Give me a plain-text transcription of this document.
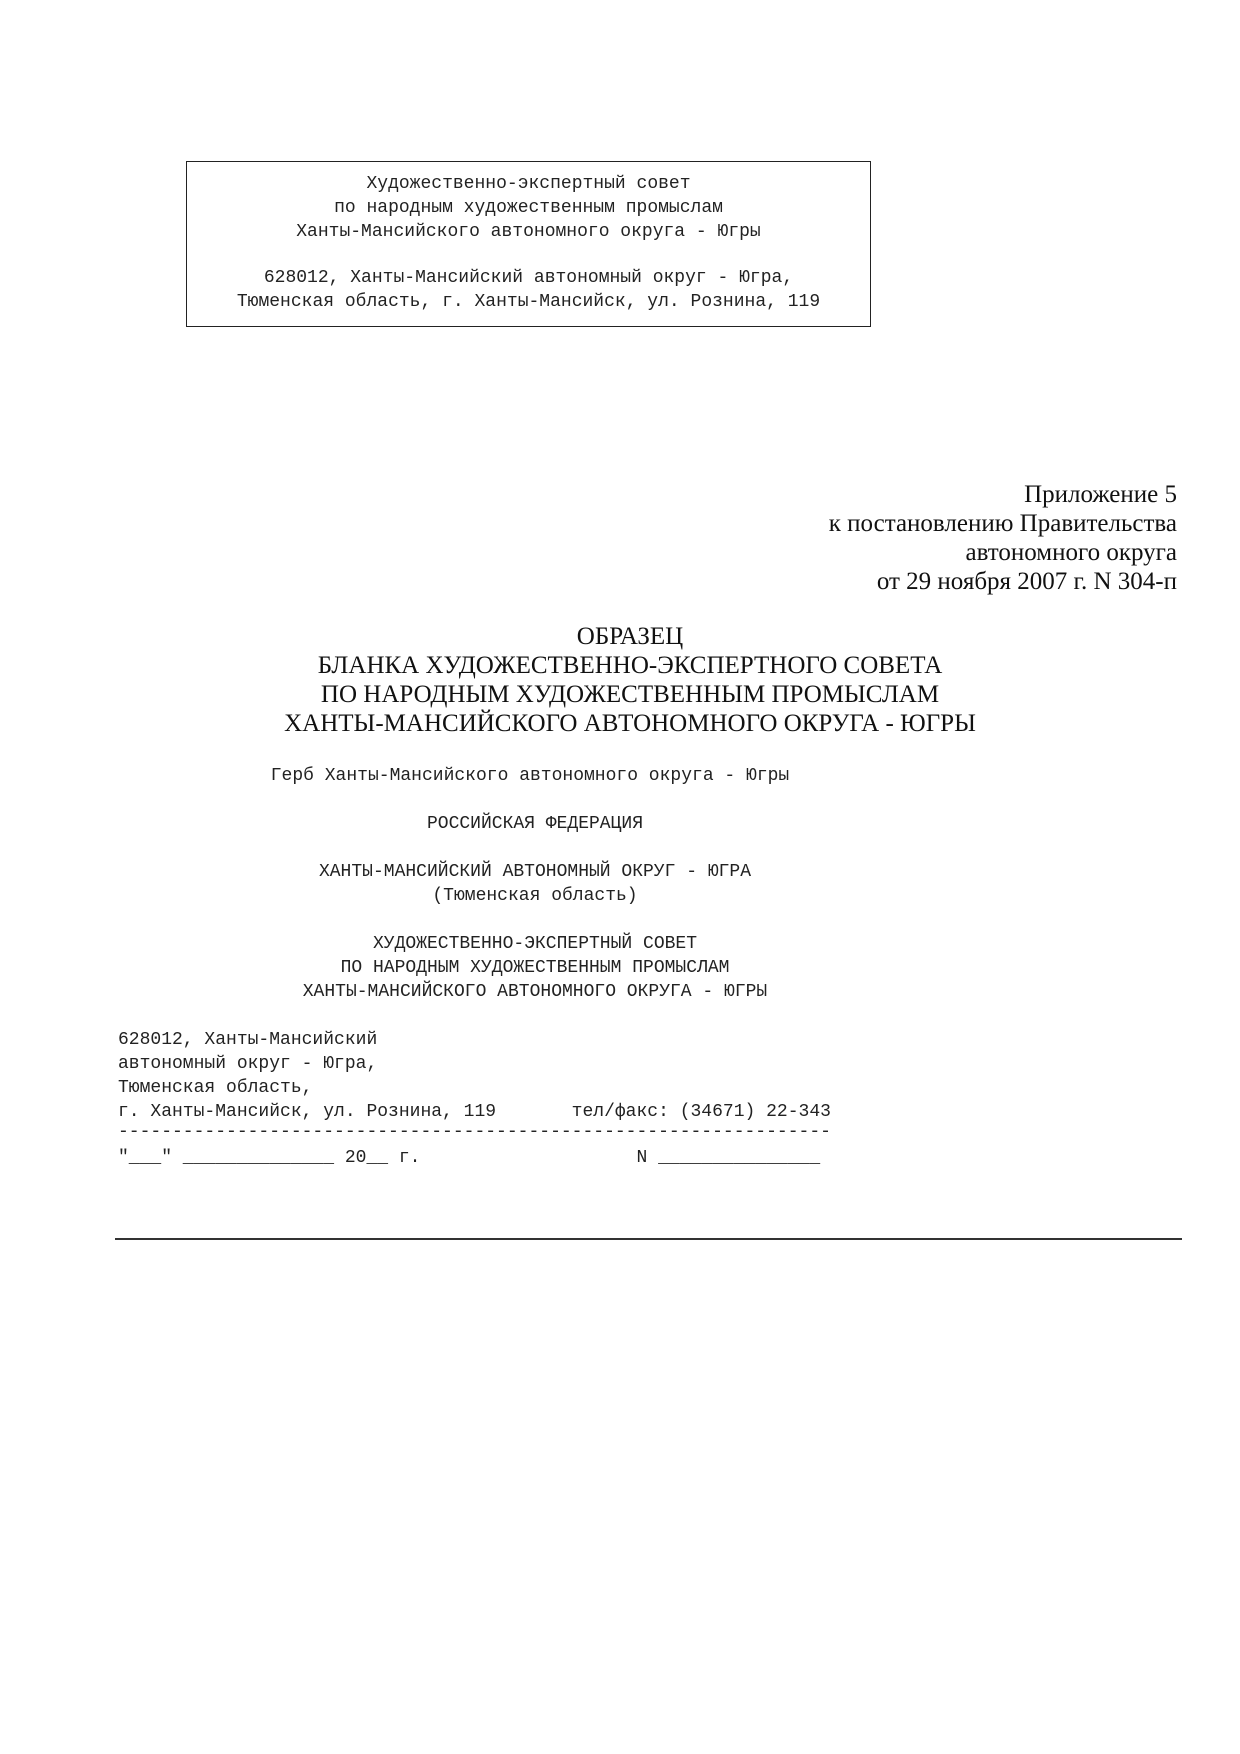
Художественно-экспертный совет
по народным художественным промыслам
Ханты-Мансийского автономного округа - Югры
628012, Ханты-Мансийский автономный округ - Югра,
Тюменская область, г. Ханты-Мансийск, ул. Рознина, 119
Приложение 5
к постановлению Правительства
автономного округа
от 29 ноября 2007 г. N 304-п
ОБРАЗЕЦ
БЛАНКА ХУДОЖЕСТВЕННО-ЭКСПЕРТНОГО СОВЕТА
ПО НАРОДНЫМ ХУДОЖЕСТВЕННЫМ ПРОМЫСЛАМ
ХАНТЫ-МАНСИЙСКОГО АВТОНОМНОГО ОКРУГА - ЮГРЫ
Герб Ханты-Мансийского автономного округа - Югры
РОССИЙСКАЯ ФЕДЕРАЦИЯ
ХАНТЫ-МАНСИЙСКИЙ АВТОНОМНЫЙ ОКРУГ - ЮГРА
(Тюменская область)
ХУДОЖЕСТВЕННО-ЭКСПЕРТНЫЙ СОВЕТ
ПО НАРОДНЫМ ХУДОЖЕСТВЕННЫМ ПРОМЫСЛАМ
ХАНТЫ-МАНСИЙСКОГО АВТОНОМНОГО ОКРУГА - ЮГРЫ
628012, Ханты-Мансийский
автономный округ - Югра,
Тюменская область,
г. Ханты-Мансийск, ул. Рознина, 119       тел/факс: (34671) 22-343
------------------------------------------------------------------
"___" ______________ 20__ г.                    N _______________
